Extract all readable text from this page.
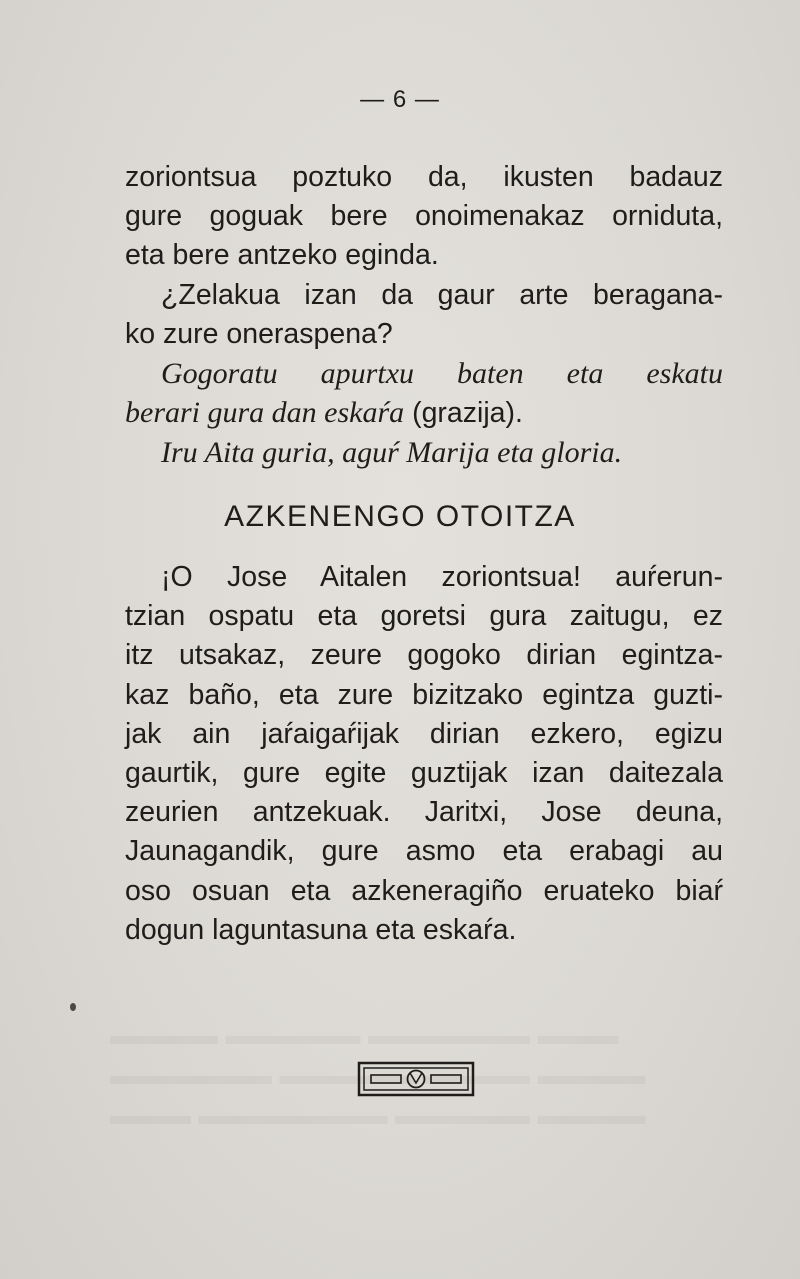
— 6 —
zoriontsua poztuko da, ikusten badauz
gure goguak bere onoimenakaz orniduta,
eta bere antzeko eginda.
¿Zelakua izan da gaur arte beragana-
ko zure oneraspena?
Gogoratu apurtxu baten eta eskatu
berari gura dan eskaŕa (grazija).
Iru Aita guria, aguŕ Marija eta gloria.
AZKENENGO OTOITZA
¡O Jose Aitalen zoriontsua! auŕerun-
tzian ospatu eta goretsi gura zaitugu, ez
itz utsakaz, zeure gogoko dirian egintza-
kaz baño, eta zure bizitzako egintza guzti-
jak ain jaŕaigaŕijak dirian ezkero, egizu
gaurtik, gure egite guztijak izan daitezala
zeurien antzekuak. Jaritxi, Jose deuna,
Jaunagandik, gure asmo eta erabagi au
oso osuan eta azkeneragiño eruateko biaŕ
dogun laguntasuna eta eskaŕa.
